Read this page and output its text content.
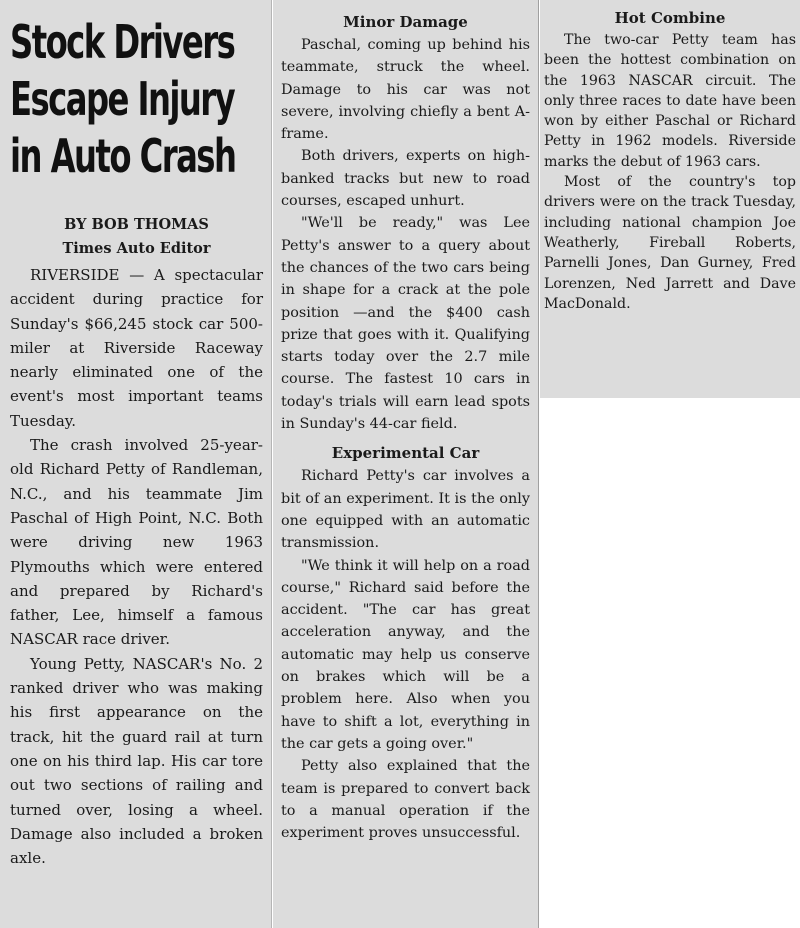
Stock Drivers
Escape Injury
in Auto Crash
BY BOB THOMAS
Times Auto Editor
RIVERSIDE — A spectacular accident during practice for Sunday's $66,245 stock car 500-miler at Riverside Raceway nearly eliminated one of the event's most important teams Tuesday.
The crash involved 25-year-old Richard Petty of Randleman, N.C., and his teammate Jim Paschal of High Point, N.C. Both were driving new 1963 Plymouths which were entered and prepared by Richard's father, Lee, himself a famous NASCAR race driver.
Young Petty, NASCAR's No. 2 ranked driver who was making his first appearance on the track, hit the guard rail at turn one on his third lap. His car tore out two sections of railing and turned over, losing a wheel. Damage also included a broken axle.
Minor Damage
Paschal, coming up behind his teammate, struck the wheel. Damage to his car was not severe, involving chiefly a bent A-frame.
Both drivers, experts on high-banked tracks but new to road courses, escaped unhurt.
"We'll be ready," was Lee Petty's answer to a query about the chances of the two cars being in shape for a crack at the pole position —and the $400 cash prize that goes with it. Qualifying starts today over the 2.7 mile course. The fastest 10 cars in today's trials will earn lead spots in Sunday's 44-car field.
Experimental Car
Richard Petty's car involves a bit of an experiment. It is the only one equipped with an automatic transmission.
"We think it will help on a road course," Richard said before the accident. "The car has great acceleration anyway, and the automatic may help us conserve on brakes which will be a problem here. Also when you have to shift a lot, everything in the car gets a going over."
Petty also explained that the team is prepared to convert back to a manual operation if the experiment proves unsuccessful.
Hot Combine
The two-car Petty team has been the hottest combination on the 1963 NASCAR circuit. The only three races to date have been won by either Paschal or Richard Petty in 1962 models. Riverside marks the debut of 1963 cars.
Most of the country's top drivers were on the track Tuesday, including national champion Joe Weatherly, Fireball Roberts, Parnelli Jones, Dan Gurney, Fred Lorenzen, Ned Jarrett and Dave MacDonald.
